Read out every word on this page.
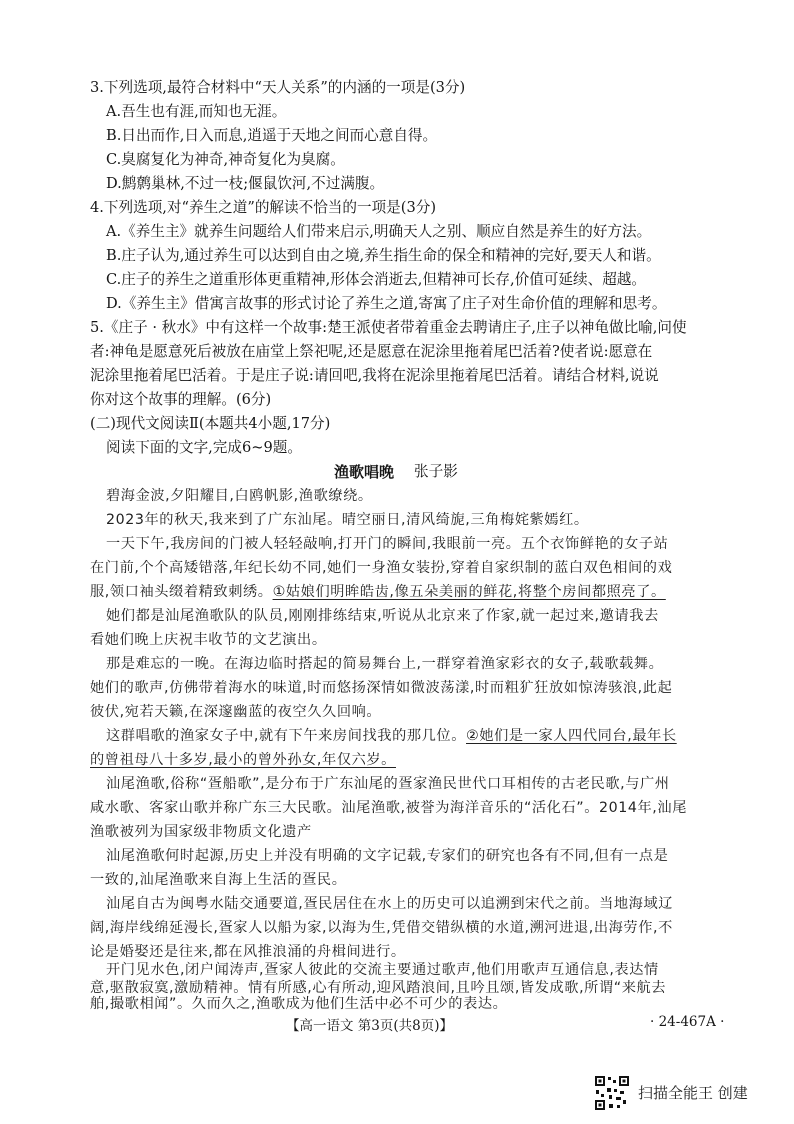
3.下列选项,最符合材料中“天人关系”的内涵的一项是(3分)
A.吾生也有涯,而知也无涯。
B.日出而作,日入而息,逍遥于天地之间而心意自得。
C.臭腐复化为神奇,神奇复化为臭腐。
D.鹪鹩巢林,不过一枝;偃鼠饮河,不过满腹。
4.下列选项,对“养生之道”的解读不恰当的一项是(3分)
A.《养生主》就养生问题给人们带来启示,明确天人之别、顺应自然是养生的好方法。
B.庄子认为,通过养生可以达到自由之境,养生指生命的保全和精神的完好,要天人和谐。
C.庄子的养生之道重形体更重精神,形体会消逝去,但精神可长存,价值可延续、超越。
D.《养生主》借寓言故事的形式讨论了养生之道,寄寓了庄子对生命价值的理解和思考。
5.《庄子 · 秋水》中有这样一个故事:楚王派使者带着重金去聘请庄子,庄子以神龟做比喻,问使
者:神龟是愿意死后被放在庙堂上祭祀呢,还是愿意在泥涂里拖着尾巴活着?使者说:愿意在
泥涂里拖着尾巴活着。于是庄子说:请回吧,我将在泥涂里拖着尾巴活着。请结合材料,说说
你对这个故事的理解。(6分)
(二)现代文阅读Ⅱ(本题共4小题,17分)
阅读下面的文字,完成6~9题。
渔歌唱晚 张子影
碧海金波,夕阳耀目,白鸥帆影,渔歌缭绕。
2023年的秋天,我来到了广东汕尾。晴空丽日,清风绮旎,三角梅姹紫嫣红。
一天下午,我房间的门被人轻轻敲响,打开门的瞬间,我眼前一亮。五个衣饰鲜艳的女子站
在门前,个个高矮错落,年纪长幼不同,她们一身渔女装扮,穿着自家织制的蓝白双色相间的戏
服,领口袖头缀着精致刺绣。①姑娘们明眸皓齿,像五朵美丽的鲜花,将整个房间都照亮了。
她们都是汕尾渔歌队的队员,刚刚排练结束,听说从北京来了作家,就一起过来,邀请我去
看她们晚上庆祝丰收节的文艺演出。
那是难忘的一晚。在海边临时搭起的简易舞台上,一群穿着渔家彩衣的女子,载歌载舞。
她们的歌声,仿佛带着海水的味道,时而悠扬深情如微波荡漾,时而粗犷狂放如惊涛骇浪,此起
彼伏,宛若天籁,在深邃幽蓝的夜空久久回响。
这群唱歌的渔家女子中,就有下午来房间找我的那几位。②她们是一家人四代同台,最年长
的曾祖母八十多岁,最小的曾外孙女,年仅六岁。
汕尾渔歌,俗称“疍船歌”,是分布于广东汕尾的疍家渔民世代口耳相传的古老民歌,与广州
咸水歌、客家山歌并称广东三大民歌。汕尾渔歌,被誉为海洋音乐的“活化石”。2014年,汕尾
渔歌被列为国家级非物质文化遗产
汕尾渔歌何时起源,历史上并没有明确的文字记载,专家们的研究也各有不同,但有一点是
一致的,汕尾渔歌来自海上生活的疍民。
汕尾自古为闽粤水陆交通要道,疍民居住在水上的历史可以追溯到宋代之前。当地海域辽
阔,海岸线绵延漫长,疍家人以船为家,以海为生,凭借交错纵横的水道,溯河进退,出海劳作,不
论是婚娶还是往来,都在风推浪涌的舟楫间进行。
开门见水色,闭户闻涛声,疍家人彼此的交流主要通过歌声,他们用歌声互通信息,表达情
意,驱散寂寞,激励精神。情有所感,心有所动,迎风踏浪间,且吟且颂,皆发成歌,所谓“来航去
舶,撮歌相闻”。久而久之,渔歌成为他们生活中必不可少的表达。
【高一语文 第3页(共8页)】	· 24-467A ·
扫描全能王 创建
